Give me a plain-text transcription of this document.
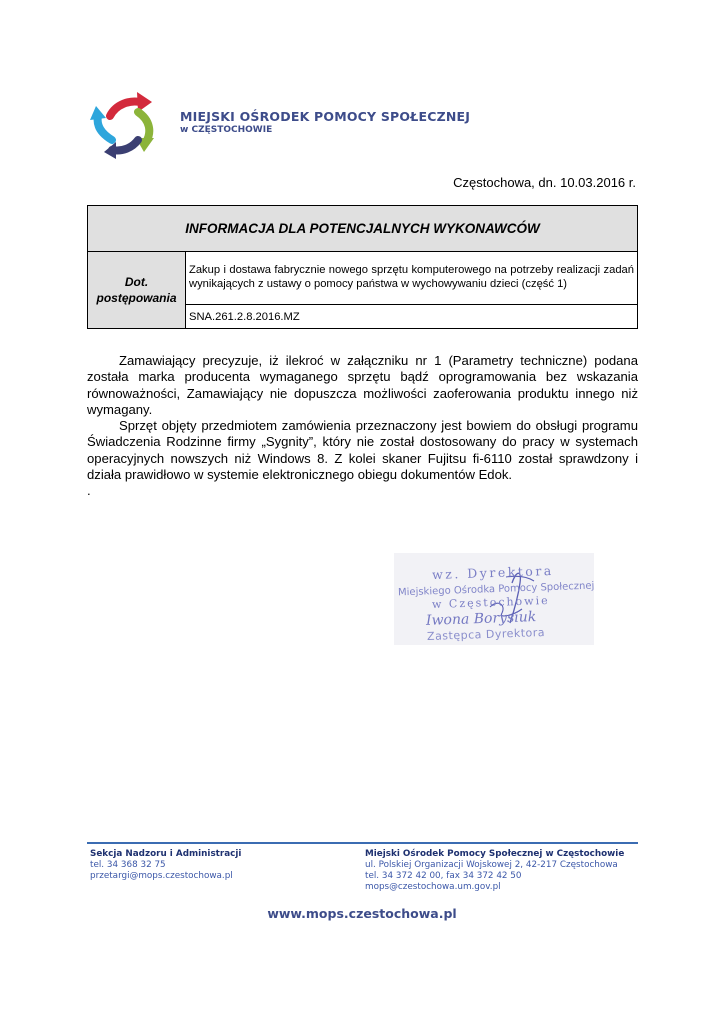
MIEJSKI OŚRODEK POMOCY SPOŁECZNEJ
w CZĘSTOCHOWIE
Częstochowa, dn. 10.03.2016 r.
INFORMACJA DLA POTENCJALNYCH WYKONAWCÓW

Dot.
postępowania
	Zakup i dostawa fabrycznie nowego sprzętu komputerowego na potrzeby realizacji zadań wynikających z ustawy o pomocy państwa w wychowywaniu dzieci (część 1)
SNA.261.2.8.2016.MZ

Zamawiający precyzuje, iż ilekroć w załączniku nr 1 (Parametry techniczne) podana została marka producenta wymaganego sprzętu bądź oprogramowania bez wskazania równoważności, Zamawiający nie dopuszcza możliwości zaoferowania produktu innego niż wymagany.

Sprzęt objęty przedmiotem zamówienia przeznaczony jest bowiem do obsługi programu Świadczenia Rodzinne firmy „Sygnity”, który nie został dostosowany do pracy w systemach operacyjnych nowszych niż Windows 8. Z kolei skaner Fujitsu fi-6110 został sprawdzony i działa prawidłowo w systemie elektronicznego obiegu dokumentów Edok.

.

wz. Dyrektora
Miejskiego Ośrodka Pomocy Społecznej
w Częstochowie
Iwona Borysiuk
Zastępca Dyrektora
Sekcja Nadzoru i Administracji
tel. 34 368 32 75
przetargi@mops.czestochowa.pl
Miejski Ośrodek Pomocy Społecznej w Częstochowie
ul. Polskiej Organizacji Wojskowej 2, 42-217 Częstochowa
tel. 34 372 42 00, fax 34 372 42 50
mops@czestochowa.um.gov.pl
www.mops.czestochowa.pl
